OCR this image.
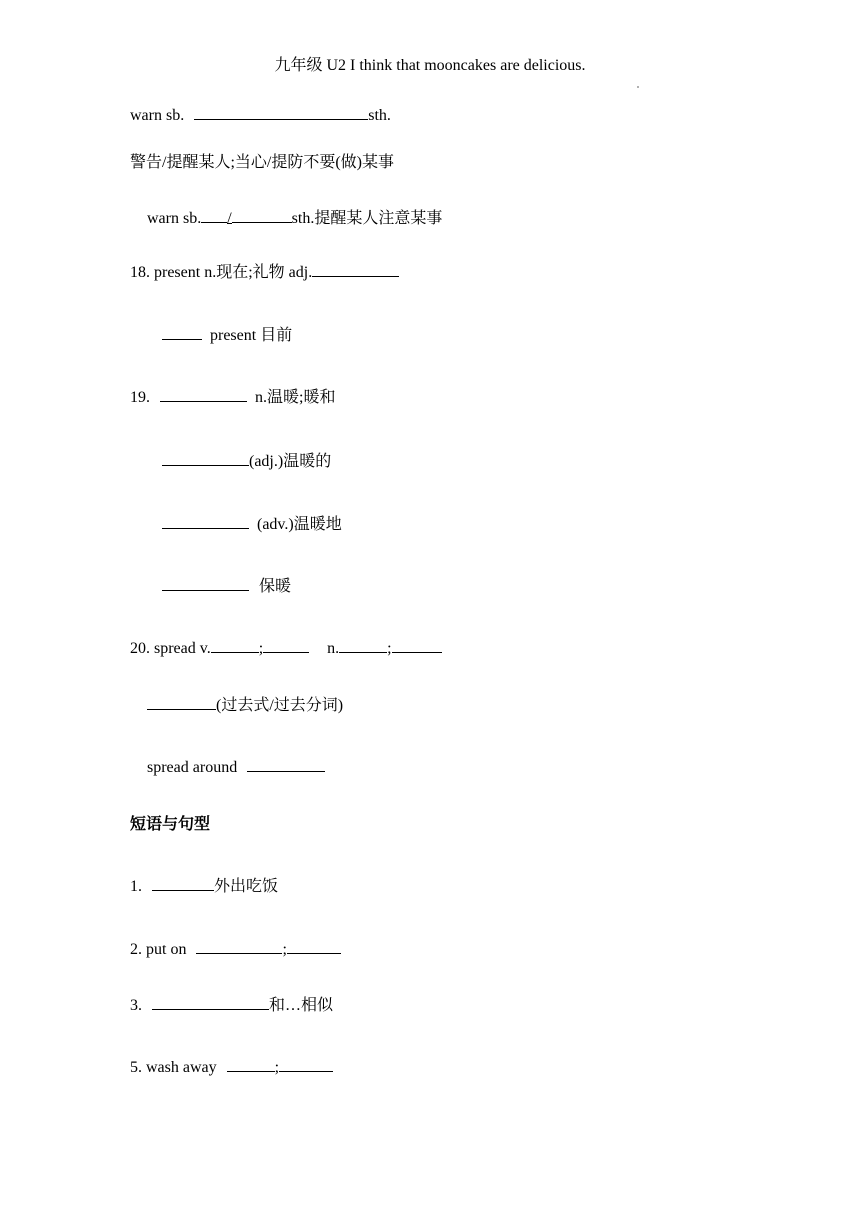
九年级 U2 I think that mooncakes are delicious.
warn sb.	sth.
警告/提醒某人;当心/提防不要(做)某事
warn sb. /	sth.提醒某人注意某事
18. present n.现在;礼物 adj.
present 目前
19.	n.温暖;暖和
(adj.)温暖的
(adv.)温暖地
保暖
20. spread v.	;	n.	;
(过去式/过去分词)
spread around
短语与句型
1.	外出吃饭
2. put on	;
3.	和…相似
5. wash away	;
